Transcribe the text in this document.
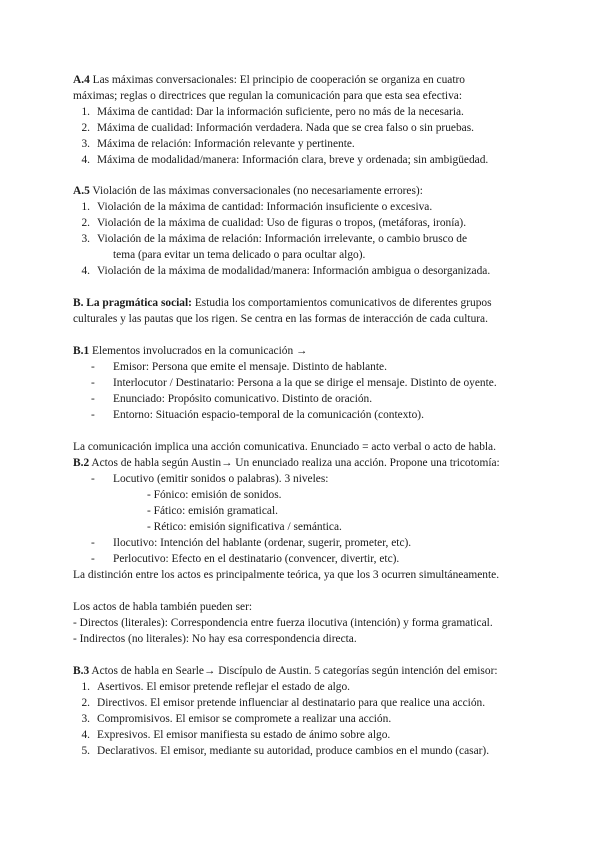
A.4 Las máximas conversacionales: El principio de cooperación se organiza en cuatro
máximas; reglas o directrices que regulan la comunicación para que esta sea efectiva:
1. Máxima de cantidad: Dar la información suficiente, pero no más de la necesaria.
2. Máxima de cualidad: Información verdadera. Nada que se crea falso o sin pruebas.
3. Máxima de relación: Información relevante y pertinente.
4. Máxima de modalidad/manera: Información clara, breve y ordenada; sin ambigüedad.
A.5 Violación de las máximas conversacionales (no necesariamente errores):
1. Violación de la máxima de cantidad: Información insuficiente o excesiva.
2. Violación de la máxima de cualidad: Uso de figuras o tropos, (metáforas, ironía).
3. Violación de la máxima de relación: Información irrelevante, o cambio brusco de
tema (para evitar un tema delicado o para ocultar algo).
4. Violación de la máxima de modalidad/manera: Información ambigua o desorganizada.
B. La pragmática social: Estudia los comportamientos comunicativos de diferentes grupos
culturales y las pautas que los rigen. Se centra en las formas de interacción de cada cultura.
B.1 Elementos involucrados en la comunicación →
- Emisor: Persona que emite el mensaje. Distinto de hablante.
- Interlocutor / Destinatario: Persona a la que se dirige el mensaje. Distinto de oyente.
- Enunciado: Propósito comunicativo. Distinto de oración.
- Entorno: Situación espacio-temporal de la comunicación (contexto).
La comunicación implica una acción comunicativa. Enunciado = acto verbal o acto de habla.
B.2 Actos de habla según Austin→ Un enunciado realiza una acción. Propone una tricotomía:
- Locutivo (emitir sonidos o palabras). 3 niveles:
- Fónico: emisión de sonidos.
- Fático: emisión gramatical.
- Rético: emisión significativa / semántica.
- Ilocutivo: Intención del hablante (ordenar, sugerir, prometer, etc).
- Perlocutivo: Efecto en el destinatario (convencer, divertir, etc).
La distinción entre los actos es principalmente teórica, ya que los 3 ocurren simultáneamente.
Los actos de habla también pueden ser:
- Directos (literales): Correspondencia entre fuerza ilocutiva (intención) y forma gramatical.
- Indirectos (no literales): No hay esa correspondencia directa.
B.3 Actos de habla en Searle→ Discípulo de Austin. 5 categorías según intención del emisor:
1. Asertivos. El emisor pretende reflejar el estado de algo.
2. Directivos. El emisor pretende influenciar al destinatario para que realice una acción.
3. Compromisivos. El emisor se compromete a realizar una acción.
4. Expresivos. El emisor manifiesta su estado de ánimo sobre algo.
5. Declarativos. El emisor, mediante su autoridad, produce cambios en el mundo (casar).
